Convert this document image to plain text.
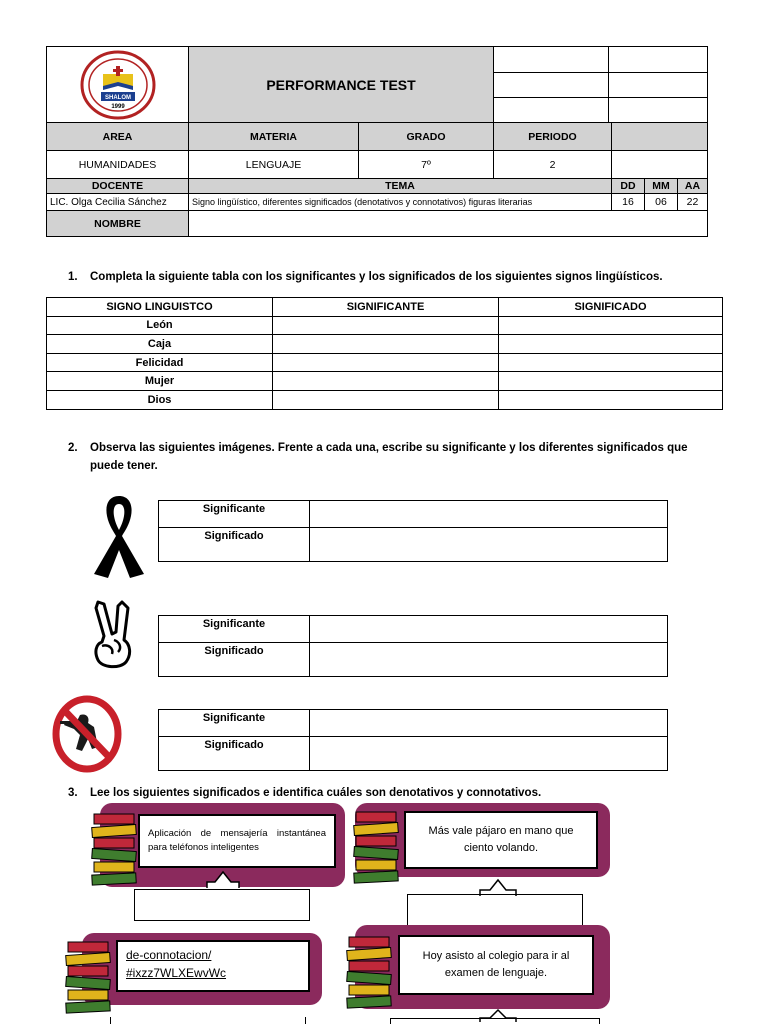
SHALOM
1999	PERFORMANCE TEST		

AREA	MATERIA	GRADO	PERIODO			
HUMANIDADES	LENGUAJE	7º	2			
DOCENTE	TEMA			DD	MM	AA
LIC. Olga Cecilia Sánchez	Signo lingüístico, diferentes significados (denotativos y connotativos) figuras literarias			16	06	22
NOMBRE						
1. Completa la siguiente tabla con los significantes y los significados de los siguientes signos lingüísticos.
SIGNO LINGUISTCO	SIGNIFICANTE	SIGNIFICADO
León		
Caja		
Felicidad		
Mujer		
Dios		
2. Observa las siguientes imágenes. Frente a cada una, escribe su significante y los diferentes significados que
puede tener.
Significante	
Significado	
Significante	
Significado	
Significante	
Significado	
3. Lee los siguientes significados e identifica cuáles son denotativos y connotativos.
Aplicación de mensajería instantánea para teléfonos inteligentes
Más vale pájaro en mano que ciento volando.
de-connotacion/
#ixzz7WLXEwvWc
Hoy asisto al colegio para ir al examen de lenguaje.
